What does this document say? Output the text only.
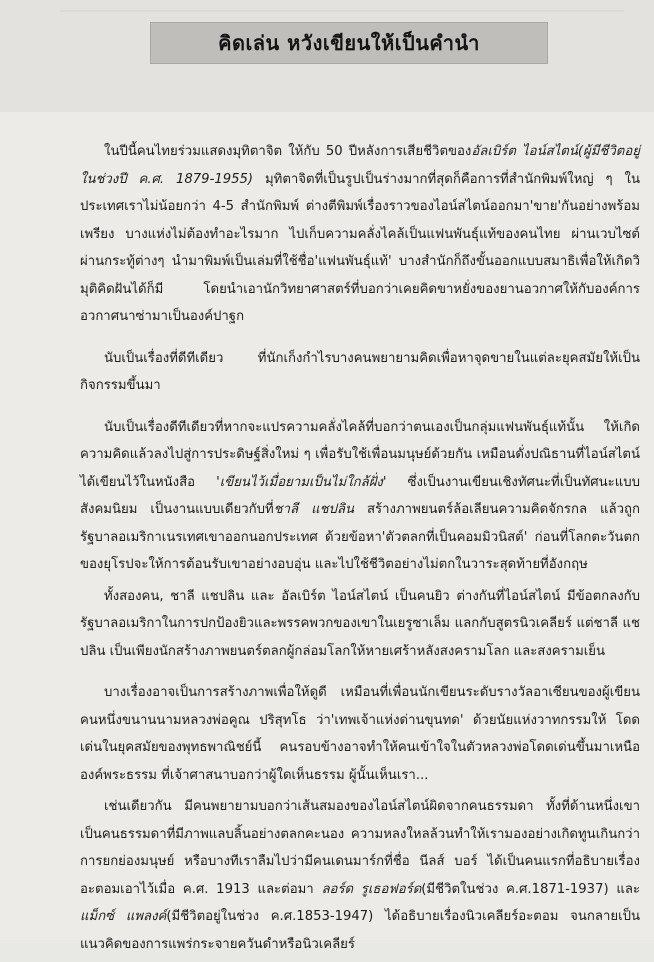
คิดเล่น หวังเขียนให้เป็นคำนำ

ในปีนี้คนไทยร่วมแสดงมุทิตาจิต ให้กับ 50 ปีหลังการเสียชีวิตของอัลเบิร์ต ไอน์สไตน์(ผู้มีชีวิตอยู่ในช่วงปี ค.ศ. 1879-1955) มุทิตาจิตที่เป็นรูปเป็นร่างมากที่สุดก็คือการที่สำนักพิมพ์ใหญ่ ๆ ในประเทศเราไม่น้อยกว่า 4-5 สำนักพิมพ์ ต่างตีพิมพ์เรื่องราวของไอน์สไตน์ออกมา'ขาย'กันอย่างพร้อมเพรียง บางแห่งไม่ต้องทำอะไรมาก ไปเก็บความคลั่งไคล้เป็นแฟนพันธุ์แท้ของคนไทย ผ่านเวบไซต์ ผ่านกระทู้ต่างๆ นำมาพิมพ์เป็นเล่มที่ใช้ชื่อ'แฟนพันธุ์แท้' บางสำนักก็ถึงขั้นออกแบบสมาธิเพื่อให้เกิดวิมุติคิดฝันได้ก็มี โดยนำเอานักวิทยาศาสตร์ที่บอกว่าเคยคิดขาหยั่งของยานอวกาศให้กับองค์การอวกาศนาซ่ามาเป็นองค์ปาฐก

นับเป็นเรื่องที่ดีทีเดียว ที่นักเก็งกำไรบางคนพยายามคิดเพื่อหาจุดขายในแต่ละยุคสมัยให้เป็นกิจกรรมขึ้นมา

นับเป็นเรื่องดีทีเดียวที่หากจะแปรความคลั่งไคล้ที่บอกว่าตนเองเป็นกลุ่มแฟนพันธุ์แท้นั้น ให้เกิดความคิดแล้วลงไปสู่การประดิษฐ์สิ่งใหม่ ๆ เพื่อรับใช้เพื่อนมนุษย์ด้วยกัน เหมือนดั่งปณิธานที่ไอน์สไตน์ได้เขียนไว้ในหนังสือ 'เขียนไว้เมื่อยามเป็นไม่ใกล้ฝั่ง' ซึ่งเป็นงานเขียนเชิงทัศนะที่เป็นทัศนะแบบสังคมนิยม เป็นงานแบบเดียวกับที่ชาลี แชปลิน สร้างภาพยนตร์ล้อเลียนความคิดจักรกล แล้วถูกรัฐบาลอเมริกาเนรเทศเขาออกนอกประเทศ ด้วยข้อหา'ตัวตลกที่เป็นคอมมิวนิสต์' ก่อนที่โลกตะวันตกของยุโรปจะให้การต้อนรับเขาอย่างอบอุ่น และไปใช้ชีวิตอย่างไม่ตกในวาระสุดท้ายที่อังกฤษ

ทั้งสองคน, ชาลี แชปลิน และ อัลเบิร์ต ไอน์สไตน์ เป็นคนยิว ต่างกันที่ไอน์สไตน์ มีข้อตกลงกับรัฐบาลอเมริกาในการปกป้องยิวและพรรคพวกของเขาในเยรูซาเล็ม แลกกับสูตรนิวเคลียร์ แต่ชาลี แชปลิน เป็นเพียงนักสร้างภาพยนตร์ตลกผู้กล่อมโลกให้หายเศร้าหลังสงครามโลก และสงครามเย็น

บางเรื่องอาจเป็นการสร้างภาพเพื่อให้ดูดี เหมือนที่เพื่อนนักเขียนระดับรางวัลอาเซียนของผู้เขียนคนหนึ่งขนานนามหลวงพ่อคูณ ปริสุทโธ ว่า'เทพเจ้าแห่งด่านขุนทด' ด้วยนัยแห่งวาทกรรมให้ โดดเด่นในยุคสมัยของพุทธพาณิชย์นี้ คนรอบข้างอาจทำให้คนเข้าใจในตัวหลวงพ่อโดดเด่นขึ้นมาเหนือองค์พระธรรม ที่เจ้าศาสนาบอกว่าผู้ใดเห็นธรรม ผู้นั้นเห็นเรา...

เช่นเดียวกัน มีคนพยายามบอกว่าเส้นสมองของไอน์สไตน์ผิดจากคนธรรมดา ทั้งที่ด้านหนึ่งเขาเป็นคนธรรมดาที่มีภาพแลบลิ้นอย่างตลกคะนอง ความหลงใหลล้วนทำให้เรามองอย่างเกิดทูนเกินกว่าการยกย่องมนุษย์ หรือบางทีเราลืมไปว่ามีคนเดนมาร์กที่ชื่อ นีลส์ บอร์ ได้เป็นคนแรกที่อธิบายเรื่องอะตอมเอาไว้เมื่อ ค.ศ. 1913 และต่อมา ลอร์ด รูเธอฟอร์ด(มีชีวิตในช่วง ค.ศ.1871-1937) และ แม็กซ์ แพลงค์(มีชีวิตอยู่ในช่วง ค.ศ.1853-1947) ได้อธิบายเรื่องนิวเคลียร์อะตอม จนกลายเป็นแนวคิดของการแพร่กระจายควันดำหรือนิวเคลียร์
